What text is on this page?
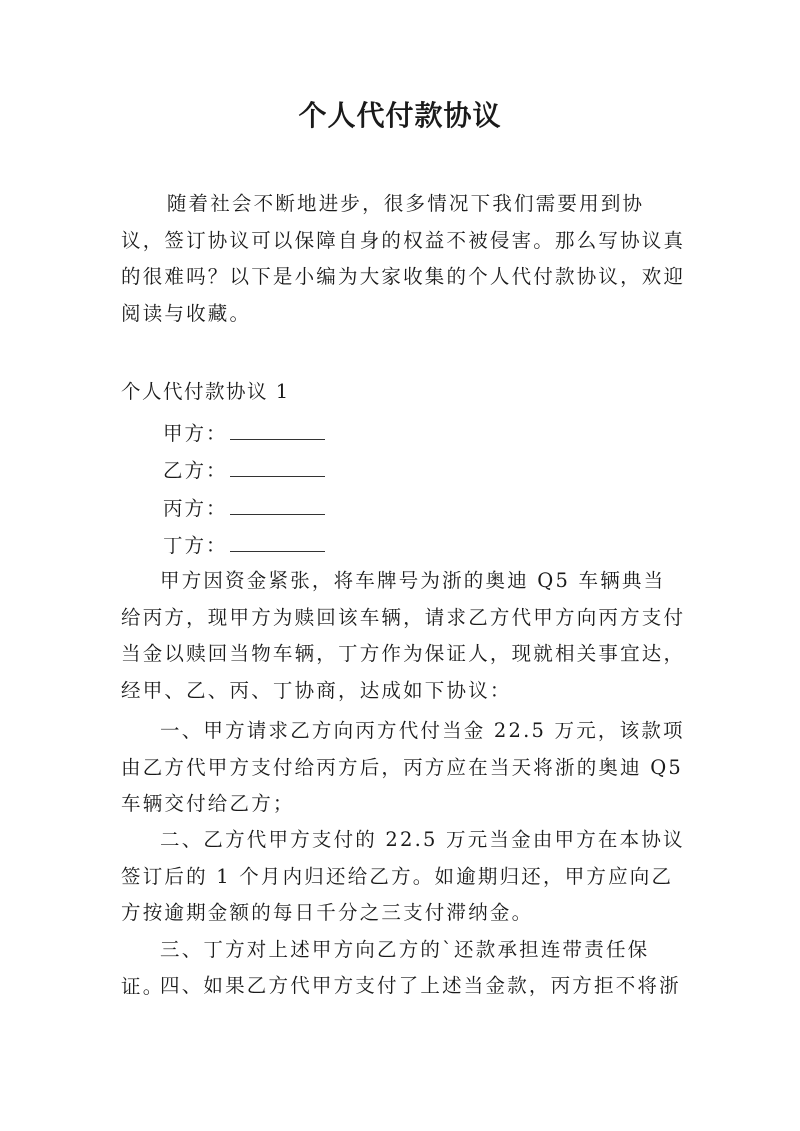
个人代付款协议

随着社会不断地进步，很多情况下我们需要用到协议，签订协议可以保障自身的权益不被侵害。那么写协议真的很难吗？以下是小编为大家收集的个人代付款协议，欢迎阅读与收藏。

个人代付款协议 1

甲方：

乙方：

丙方：

丁方：

甲方因资金紧张，将车牌号为浙的奥迪 Q5 车辆典当给丙方，现甲方为赎回该车辆，请求乙方代甲方向丙方支付当金以赎回当物车辆，丁方作为保证人，现就相关事宜达，经甲、乙、丙、丁协商，达成如下协议：

一、甲方请求乙方向丙方代付当金 22.5 万元，该款项由乙方代甲方支付给丙方后，丙方应在当天将浙的奥迪 Q5 车辆交付给乙方；

二、乙方代甲方支付的 22.5 万元当金由甲方在本协议签订后的 1 个月内归还给乙方。如逾期归还，甲方应向乙方按逾期金额的每日千分之三支付滞纳金。

三、丁方对上述甲方向乙方的`还款承担连带责任保证。

四、如果乙方代甲方支付了上述当金款，丙方拒不将浙
